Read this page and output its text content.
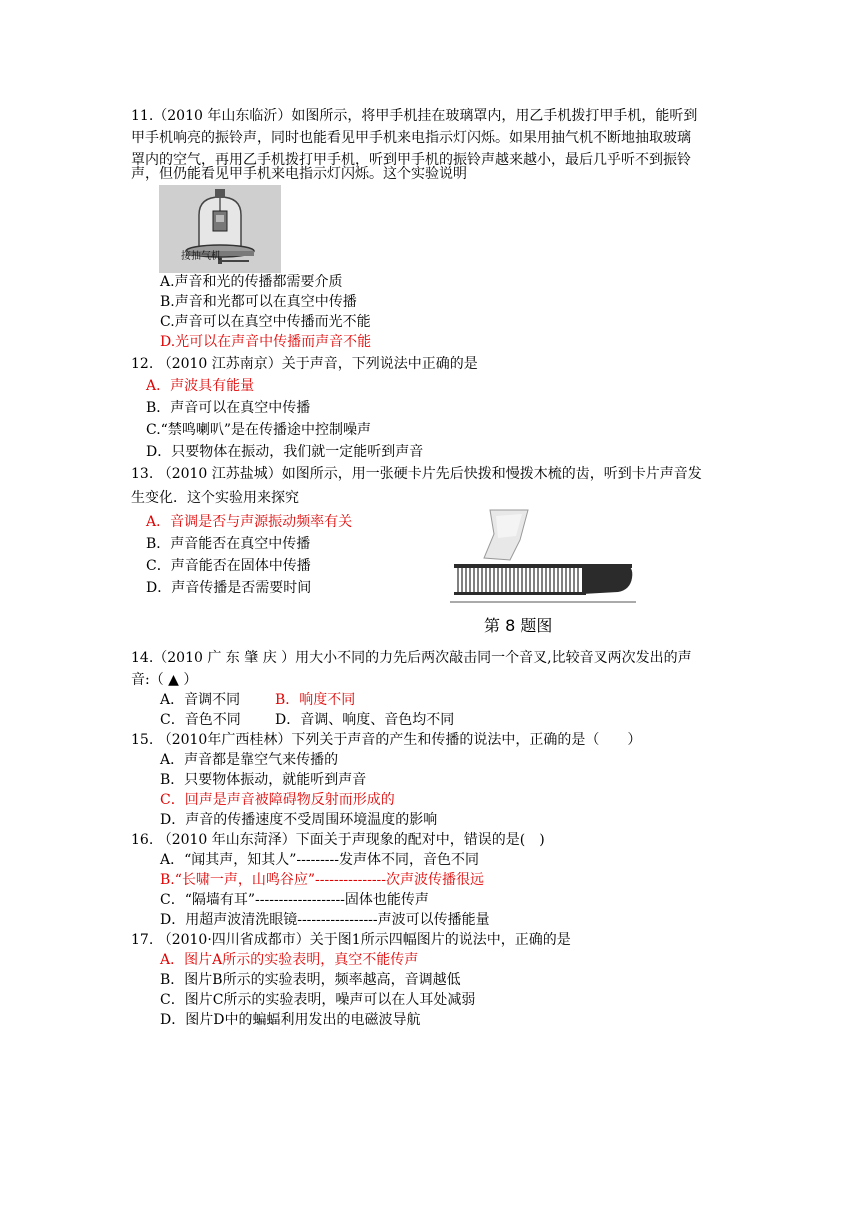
11.（2010 年山东临沂）如图所示，将甲手机挂在玻璃罩内，用乙手机拨打甲手机，能听到
甲手机响亮的振铃声，同时也能看见甲手机来电指示灯闪烁。如果用抽气机不断地抽取玻璃
罩内的空气，再用乙手机拨打甲手机，听到甲手机的振铃声越来越小，最后几乎听不到振铃
声，但仍能看见甲手机来电指示灯闪烁。这个实验说明
接抽气机
A.声音和光的传播都需要介质
B.声音和光都可以在真空中传播
C.声音可以在真空中传播而光不能
D.光可以在声音中传播而声音不能
12. （2010 江苏南京）关于声音，下列说法中正确的是
A．声波具有能量
B．声音可以在真空中传播
C.“禁鸣喇叭”是在传播途中控制噪声
D．只要物体在振动，我们就一定能听到声音
13. （2010 江苏盐城）如图所示，用一张硬卡片先后快拨和慢拨木梳的齿，听到卡片声音发
生变化．这个实验用来探究
A．音调是否与声源振动频率有关
B．声音能否在真空中传播
C．声音能否在固体中传播
D．声音传播是否需要时间
第 8 题图
14.（2010 广 东 肇 庆 ）用大小不同的力先后两次敲击同一个音叉,比较音叉两次发出的声
音:（ ▲ ）
A．音调不同 B．响度不同
C．音色不同 D．音调、响度、音色均不同
15. （2010年广西桂林）下列关于声音的产生和传播的说法中，正确的是（　　）
A．声音都是靠空气来传播的
B．只要物体振动，就能听到声音
C．回声是声音被障碍物反射而形成的
D．声音的传播速度不受周围环境温度的影响
16. （2010 年山东菏泽）下面关于声现象的配对中，错误的是(　)
A．“闻其声，知其人”---------发声体不同，音色不同
B.“长啸一声，山鸣谷应”---------------次声波传播很远
C．“隔墙有耳”-------------------固体也能传声
D．用超声波清洗眼镜-----------------声波可以传播能量
17. （2010·四川省成都市）关于图1所示四幅图片的说法中，正确的是
A．图片A所示的实验表明，真空不能传声
B．图片B所示的实验表明，频率越高，音调越低
C．图片C所示的实验表明，噪声可以在人耳处减弱
D．图片D中的蝙蝠利用发出的电磁波导航
